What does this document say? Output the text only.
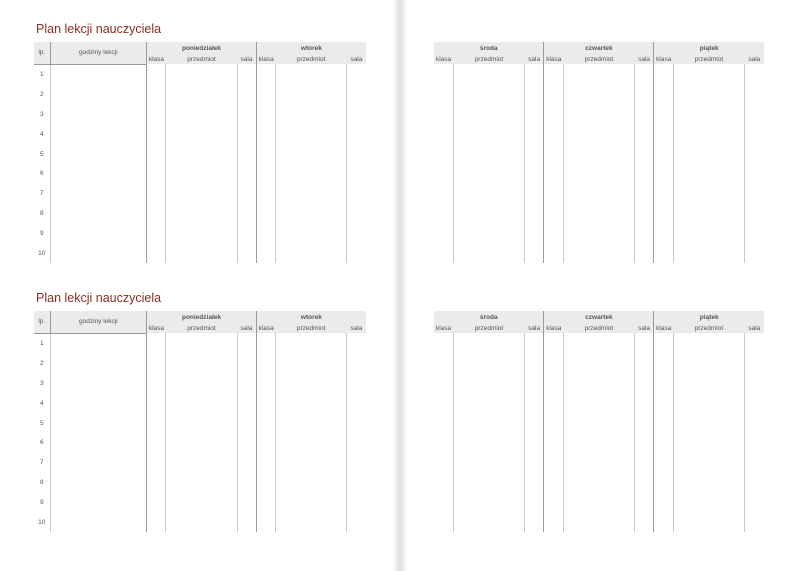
Plan lekcji nauczyciela
Plan lekcji nauczyciela
lp.	godziny lekcji	poniedziałek			wtorek		
		klasa	przedmiot	sala	klasa	przedmiot	sala
1							
2							
3							
4							
5							
6							
7							
8							
9							
10							
środa			czwartek			piątek		
klasa	przedmiot	sala	klasa	przedmiot	sala	klasa	przedmiot	sala

lp.	godziny lekcji	poniedziałek			wtorek		
		klasa	przedmiot	sala	klasa	przedmiot	sala
1							
2							
3							
4							
5							
6							
7							
8							
9							
10							
środa			czwartek			piątek		
klasa	przedmiot	sala	klasa	przedmiot	sala	klasa	przedmiot	sala
